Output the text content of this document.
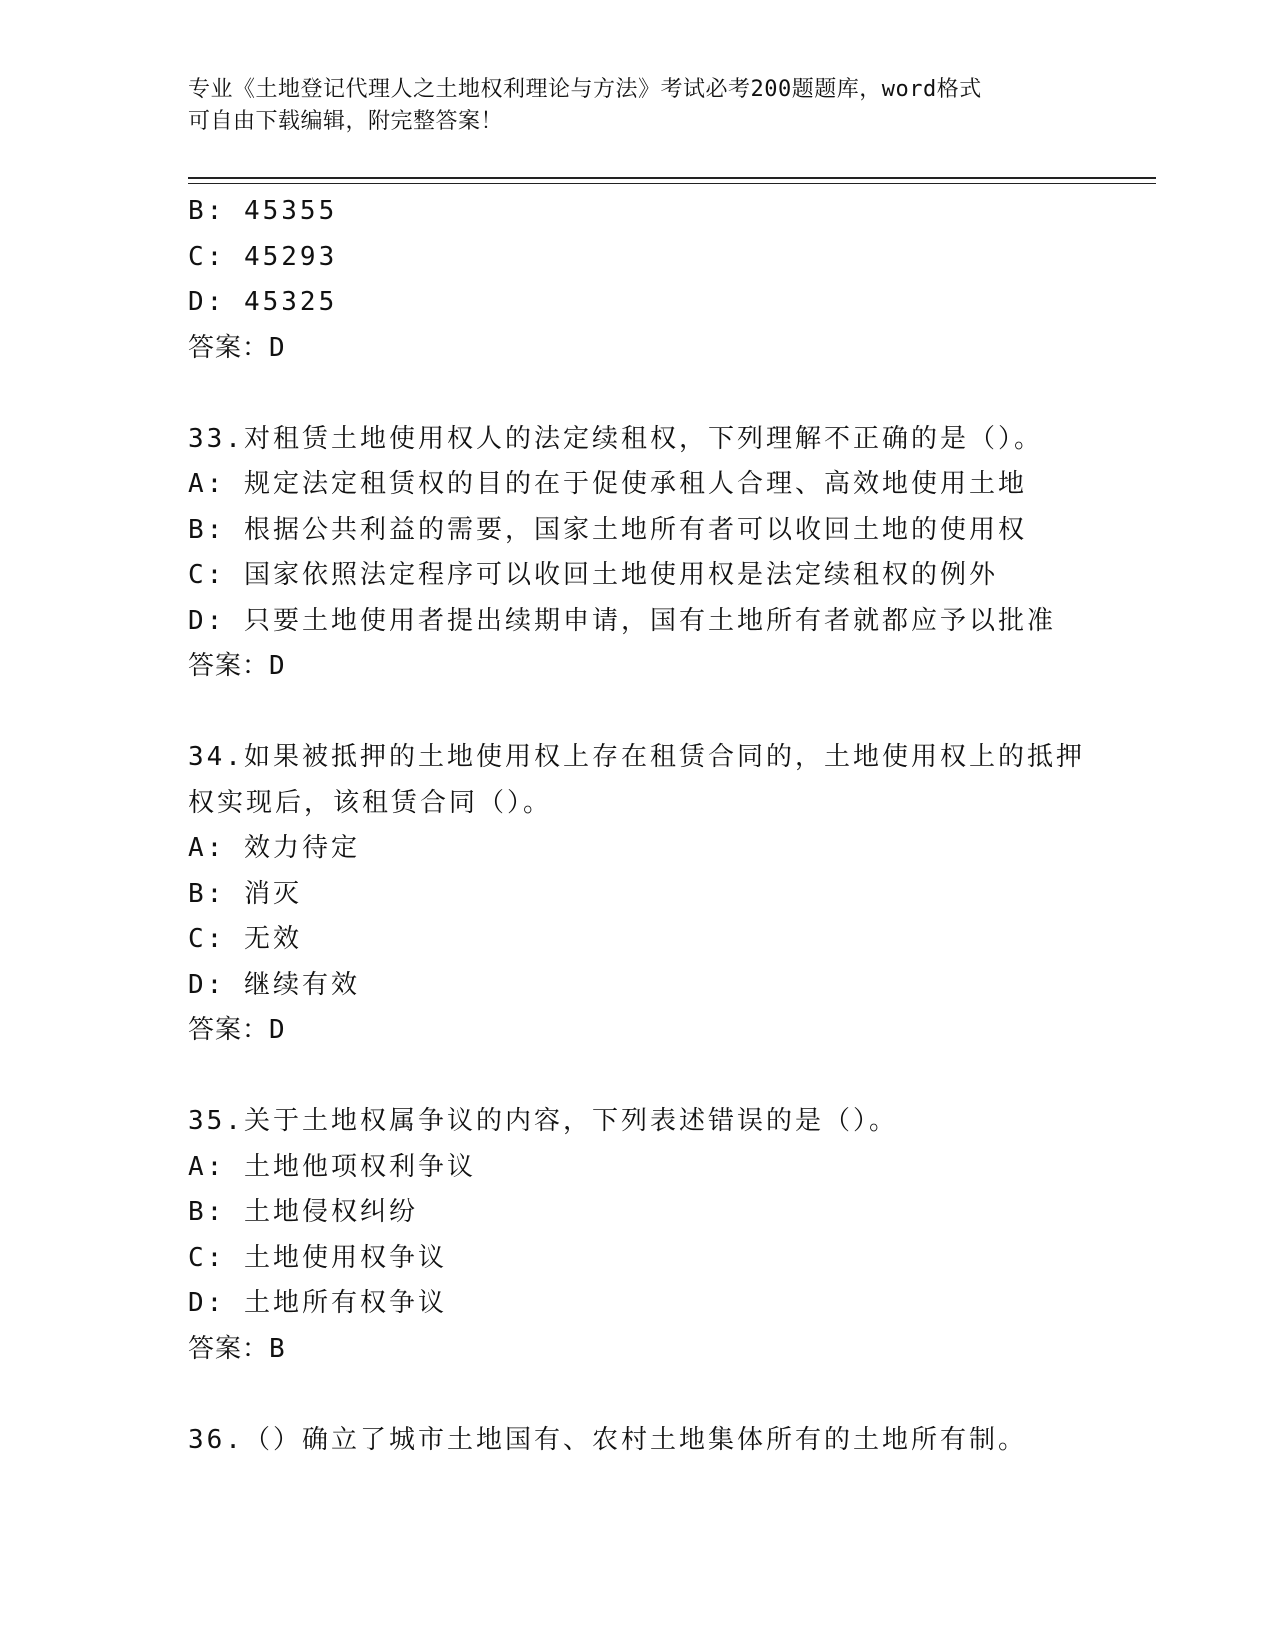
专业《土地登记代理人之土地权利理论与方法》考试必考200题题库，word格式
可自由下载编辑，附完整答案！
B: 45355
C: 45293
D: 45325
答案：D
33.对租赁土地使用权人的法定续租权，下列理解不正确的是（）。
A: 规定法定租赁权的目的在于促使承租人合理、高效地使用土地
B: 根据公共利益的需要，国家土地所有者可以收回土地的使用权
C: 国家依照法定程序可以收回土地使用权是法定续租权的例外
D: 只要土地使用者提出续期申请，国有土地所有者就都应予以批准
答案：D
34.如果被抵押的土地使用权上存在租赁合同的，土地使用权上的抵押
权实现后，该租赁合同（）。
A: 效力待定
B: 消灭
C: 无效
D: 继续有效
答案：D
35.关于土地权属争议的内容，下列表述错误的是（）。
A: 土地他项权利争议
B: 土地侵权纠纷
C: 土地使用权争议
D: 土地所有权争议
答案：B
36.（）确立了城市土地国有、农村土地集体所有的土地所有制。
